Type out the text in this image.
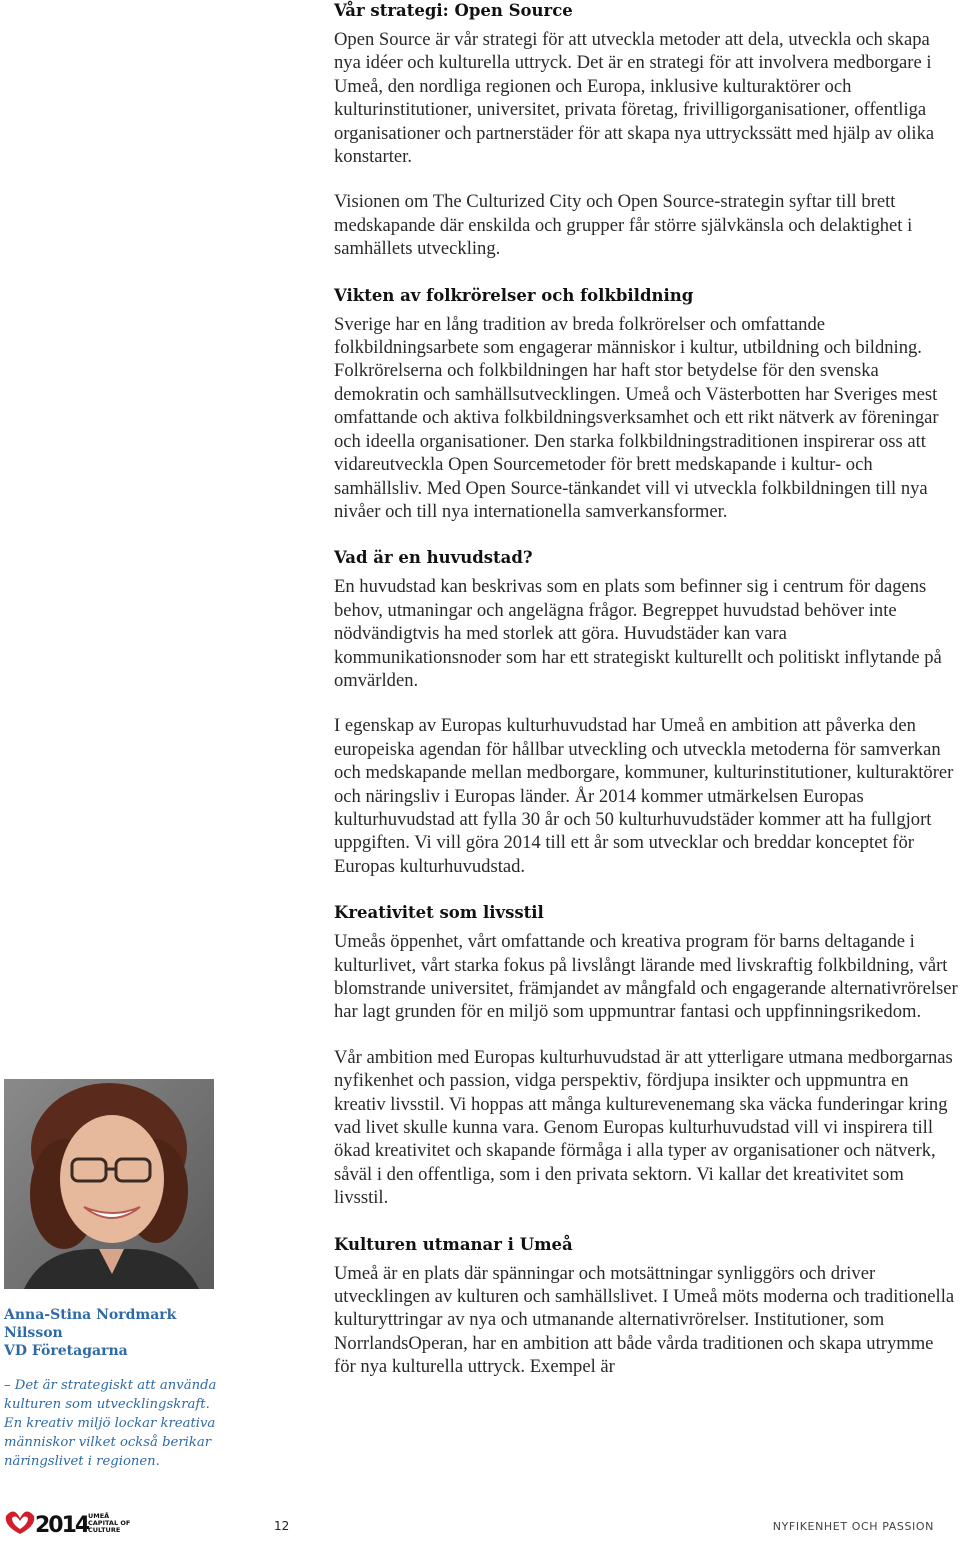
Vår strategi: Open Source

Open Source är vår strategi för att utveckla metoder att dela, utveckla och skapa nya idéer och kulturella uttryck. Det är en strategi för att involvera medborgare i Umeå, den nordliga regionen och Europa, inklusive kulturaktörer och kulturinstitutioner, universitet, privata företag, frivilligorganisationer, offentliga organisationer och partnerstäder för att skapa nya uttryckssätt med hjälp av olika konstarter.

Visionen om The Culturized City och Open Source-strategin syftar till brett medskapande där enskilda och grupper får större självkänsla och delaktighet i samhällets utveckling.

Vikten av folkrörelser och folkbildning

Sverige har en lång tradition av breda folkrörelser och omfattande folkbildningsarbete som engagerar människor i kultur, utbildning och bildning. Folkrörelserna och folkbildningen har haft stor betydelse för den svenska demokratin och samhällsutvecklingen. Umeå och Västerbotten har Sveriges mest omfattande och aktiva folkbildningsverksamhet och ett rikt nätverk av föreningar och ideella organisationer. Den starka folkbildningstraditionen inspirerar oss att vidareutveckla Open Sourcemetoder för brett medskapande i kultur- och samhällsliv. Med Open Source-tänkandet vill vi utveckla folkbildningen till nya nivåer och till nya internationella samverkansformer.

Vad är en huvudstad?

En huvudstad kan beskrivas som en plats som befinner sig i centrum för dagens behov, utmaningar och angelägna frågor. Begreppet huvudstad behöver inte nödvändigtvis ha med storlek att göra. Huvudstäder kan vara kommunikationsnoder som har ett strategiskt kulturellt och politiskt inflytande på omvärlden.

I egenskap av Europas kulturhuvudstad har Umeå en ambition att påverka den europeiska agendan för hållbar utveckling och utveckla metoderna för samverkan och medskapande mellan medborgare, kommuner, kulturinstitutioner, kulturaktörer och näringsliv i Europas länder. År 2014 kommer utmärkelsen Europas kulturhuvudstad att fylla 30 år och 50 kulturhuvudstäder kommer att ha fullgjort uppgiften. Vi vill göra 2014 till ett år som utvecklar och breddar konceptet för Europas kulturhuvudstad.

Kreativitet som livsstil

Umeås öppenhet, vårt omfattande och kreativa program för barns deltagande i kulturlivet, vårt starka fokus på livslångt lärande med livskraftig folkbildning, vårt blomstrande universitet, främjandet av mångfald och engagerande alternativrörelser har lagt grunden för en miljö som uppmuntrar fantasi och uppfinningsrikedom.

Vår ambition med Europas kulturhuvudstad är att ytterligare utmana medborgarnas nyfikenhet och passion, vidga perspektiv, fördjupa insikter och uppmuntra en kreativ livsstil. Vi hoppas att många kulturevenemang ska väcka funderingar kring vad livet skulle kunna vara. Genom Europas kulturhuvudstad vill vi inspirera till ökad kreativitet och skapande förmåga i alla typer av organisationer och nätverk, såväl i den offentliga, som i den privata sektorn. Vi kallar det kreativitet som livsstil.

Kulturen utmanar i Umeå

Umeå är en plats där spänningar och motsättningar synliggörs och driver utvecklingen av kulturen och samhällslivet. I Umeå möts moderna och traditionella kulturyttringar av nya och utmanande alternativrörelser. Institutioner, som NorrlandsOperan, har en ambition att både vårda traditionen och skapa utrymme för nya kulturella uttryck. Exempel är

Anna-Stina Nordmark Nilsson

VD Företagarna

– Det är strategiskt att använda kulturen som utvecklingskraft. En kreativ miljö lockar kreativa människor vilket också berikar näringslivet i regionen.

2014 UMEÅ
CAPITAL OF
CULTURE	12	NYFIKENHET OCH PASSION
